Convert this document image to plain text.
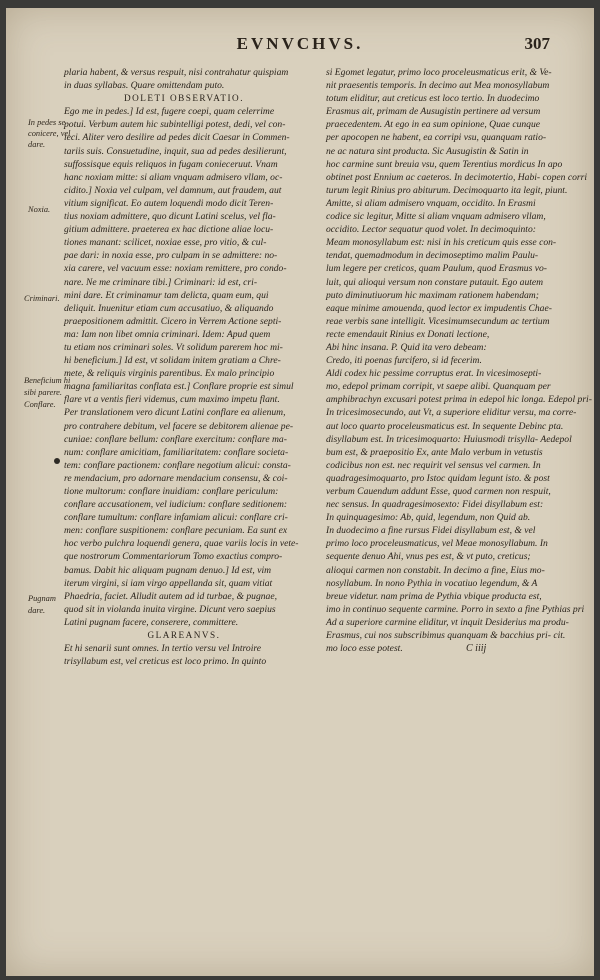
EVNVCHVS.	307
plaria habent, & versus respuit, nisi contrahatur quispiam
in duas syllabas. Quare omittendam puto.
DOLETI OBSERVATIO.
Ego me in pedes.] Id est, fugere coepi, quam celerrime
potui. Verbum autem hic subintelligi potest, dedi, vel con-
ieci. Aliter vero desilire ad pedes dicit Caesar in Commen-
tariis suis. Consuetudine, inquit, sua ad pedes desilierunt,
suffossisque equis reliquos in fugam conieceruut. Vnam
hanc noxiam mitte: si aliam vnquam admisero vllam, oc-
cidito.] Noxia vel culpam, vel damnum, aut fraudem, aut
vitium significat. Eo autem loquendi modo dicit Teren-
tius noxiam admittere, quo dicunt Latini scelus, vel fla-
gitium admittere. praeterea ex hac dictione aliae locu-
tiones manant: scilicet, noxiae esse, pro vitio, & cul-
pae dari: in noxia esse, pro culpam in se admittere: no-
xia carere, vel vacuum esse: noxiam remittere, pro condo-
nare. Ne me criminare tibi.] Criminari: id est, cri-
mini dare. Et criminamur tam delicta, quam eum, qui
deliquit. Inuenitur etiam cum accusatiuo, & aliquando
praepositionem admittit. Cicero in Verrem Actione septi-
ma: Iam non libet omnia criminari. Idem: Apud quem
tu etiam nos criminari soles. Vt solidum parerem hoc mi-
hi beneficium.] Id est, vt solidam initem gratiam a Chre-
mete, & reliquis virginis parentibus. Ex malo principio
magna familiaritas conflata est.] Conflare proprie est simul
flare vt a ventis fieri videmus, cum maximo impetu flant.
Per translationem vero dicunt Latini conflare ea alienum,
pro contrahere debitum, vel facere se debitorem alienae pe-
cuniae: conflare bellum: conflare exercitum: conflare ma-
num: conflare amicitiam, familiaritatem: conflare societa-
tem: conflare pactionem: conflare negotium alicui: consta-
re mendacium, pro adornare mendacium consensu, & coi-
tione multorum: conflare inuidiam: conflare periculum:
conflare accusationem, vel iudicium: conflare seditionem:
conflare tumultum: conflare infamiam alicui: conflare cri-
men: conflare suspitionem: conflare pecuniam. Ea sunt ex
hoc verbo pulchra loquendi genera, quae variis locis in vete-
que nostrorum Commentariorum Tomo exactius compro-
bamus. Dabit hic aliquam pugnam denuo.] Id est, vim
iterum virgini, si iam virgo appellanda sit, quam vitiat
Phaedria, faciet. Alludit autem ad id turbae, & pugnae,
quod sit in violanda inuita virgine. Dicunt vero saepius
Latini pugnam facere, conserere, committere.
GLAREANVS.
Et hi senarii sunt omnes. In tertio versu vel Introire
trisyllabum est, vel creticus est loco primo. In quinto
si Egomet legatur, primo loco proceleusmaticus erit, & Ve-
nit praesentis temporis. In decimo aut Mea monosyllabum
totum eliditur, aut creticus est loco tertio. In duodecimo
Erasmus ait, primam de Ausugistin pertinere ad versum
praecedentem. At ego in ea sum opinione, Quae cunque
per apocopen ne habent, ea corripi vsu, quanquam ratio-
ne ac natura sint producta. Sic Ausugistin & Satin in
hoc carmine sunt breuia vsu, quem Terentius mordicus In apo
obtinet post Ennium ac caeteros. In decimotertio, Habi- copen corri
turum legit Rinius pro abiturum. Decimoquarto ita legit, piunt.
Amitte, si aliam admisero vnquam, occidito. In Erasmi
codice sic legitur, Mitte si aliam vnquam admisero vllam,
occidito. Lector sequatur quod volet. In decimoquinto:
Meam monosyllabum est: nisi in his creticum quis esse con-
tendat, quemadmodum in decimoseptimo malim Paulu-
lum legere per creticos, quam Paulum, quod Erasmus vo-
luit, qui alioqui versum non constare putauit. Ego autem
puto diminutiuorum hic maximam rationem habendam;
eaque minime amouenda, quod lector ex impudentis Chae-
reae verbis sane intelligit. Vicesimumsecundum ac tertium
recte emendauit Rinius ex Donati lectione,
Abi hinc insana. P. Quid ita vero debeam:
Credo, iti poenas furcifero, si id fecerim.
Aldi codex hic pessime corruptus erat. In vicesimosepti-
mo, edepol primam corripit, vt saepe alibi. Quanquam per
amphibrachyn excusari potest prima in edepol hic longa. Edepol pri-
In tricesimosecundo, aut Vt, a superiore eliditur versu, ma corre-
aut loco quarto proceleusmaticus est. In sequente Debinc pta.
disyllabum est. In tricesimoquarto: Huiusmodi trisylla- Aedepol
bum est, & praepositio Ex, ante Malo verbum in vetustis
codicibus non est. nec requirit vel sensus vel carmen. In
quadragesimoquarto, pro Istoc quidam legunt isto. & post
verbum Cauendum addunt Esse, quod carmen non respuit,
nec sensus. In quadragesimosexto: Fidei disyllabum est:
In quinquagesimo: Ab, quid, legendum, non Quid ab.
In duodecimo a fine rursus Fidei disyllabum est, & vel
primo loco proceleusmaticus, vel Meae monosyllabum. In
sequente denuo Ahi, vnus pes est, & vt puto, creticus;
alioqui carmen non constabit. In decimo a fine, Eius mo-
nosyllabum. In nono Pythia in vocatiuo legendum, & A
breue videtur. nam prima de Pythia vbique producta est,
imo in continuo sequente carmine. Porro in sexto a fine Pythias pri
Ad a superiore carmine eliditur, vt inquit Desiderius ma produ-
Erasmus, cui nos subscribimus quanquam & bacchius pri- cit.
mo loco esse potest.
In pedes se
conicere, vel
dare.
Noxia.
Criminari.
Beneficium hi
sibi parere.
Conflare.
Pugnam
dare.
C iiij
